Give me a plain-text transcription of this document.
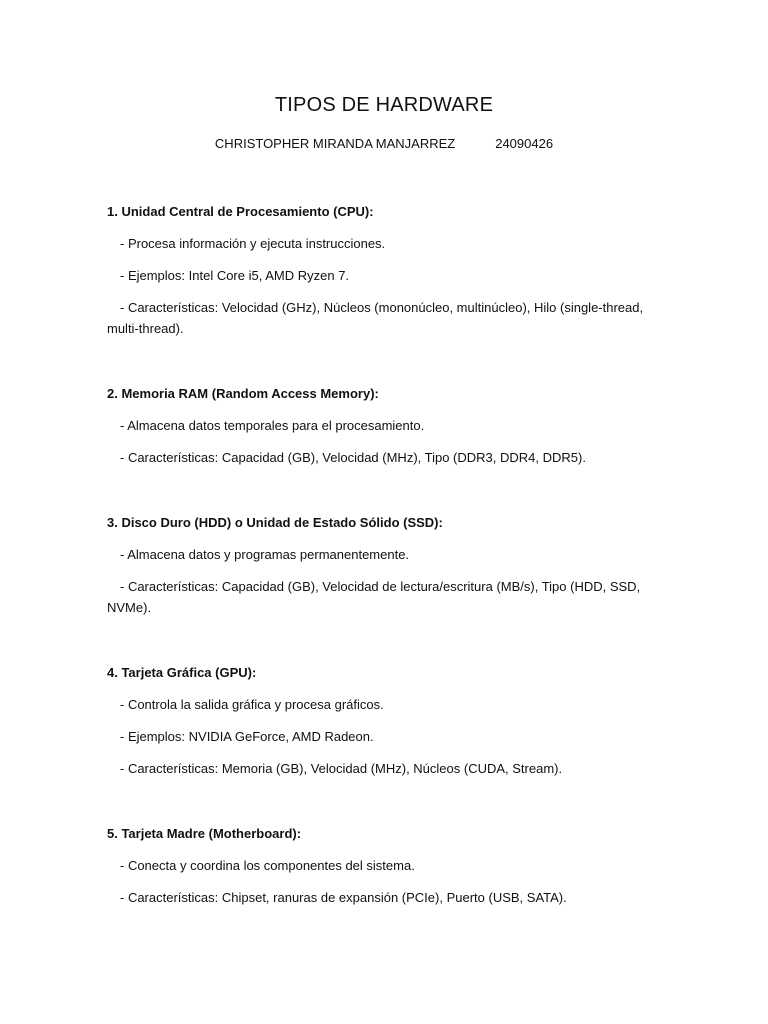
TIPOS DE HARDWARE
CHRISTOPHER MIRANDA MANJARREZ	24090426

1. Unidad Central de Procesamiento (CPU):

- Procesa información y ejecuta instrucciones.

- Ejemplos: Intel Core i5, AMD Ryzen 7.

- Características: Velocidad (GHz), Núcleos (mononúcleo, multinúcleo), Hilo (single-thread, multi-thread).

2. Memoria RAM (Random Access Memory):

- Almacena datos temporales para el procesamiento.

- Características: Capacidad (GB), Velocidad (MHz), Tipo (DDR3, DDR4, DDR5).

3. Disco Duro (HDD) o Unidad de Estado Sólido (SSD):

- Almacena datos y programas permanentemente.

- Características: Capacidad (GB), Velocidad de lectura/escritura (MB/s), Tipo (HDD, SSD, NVMe).

4. Tarjeta Gráfica (GPU):

- Controla la salida gráfica y procesa gráficos.

- Ejemplos: NVIDIA GeForce, AMD Radeon.

- Características: Memoria (GB), Velocidad (MHz), Núcleos (CUDA, Stream).

5. Tarjeta Madre (Motherboard):

- Conecta y coordina los componentes del sistema.

- Características: Chipset, ranuras de expansión (PCIe), Puerto (USB, SATA).
